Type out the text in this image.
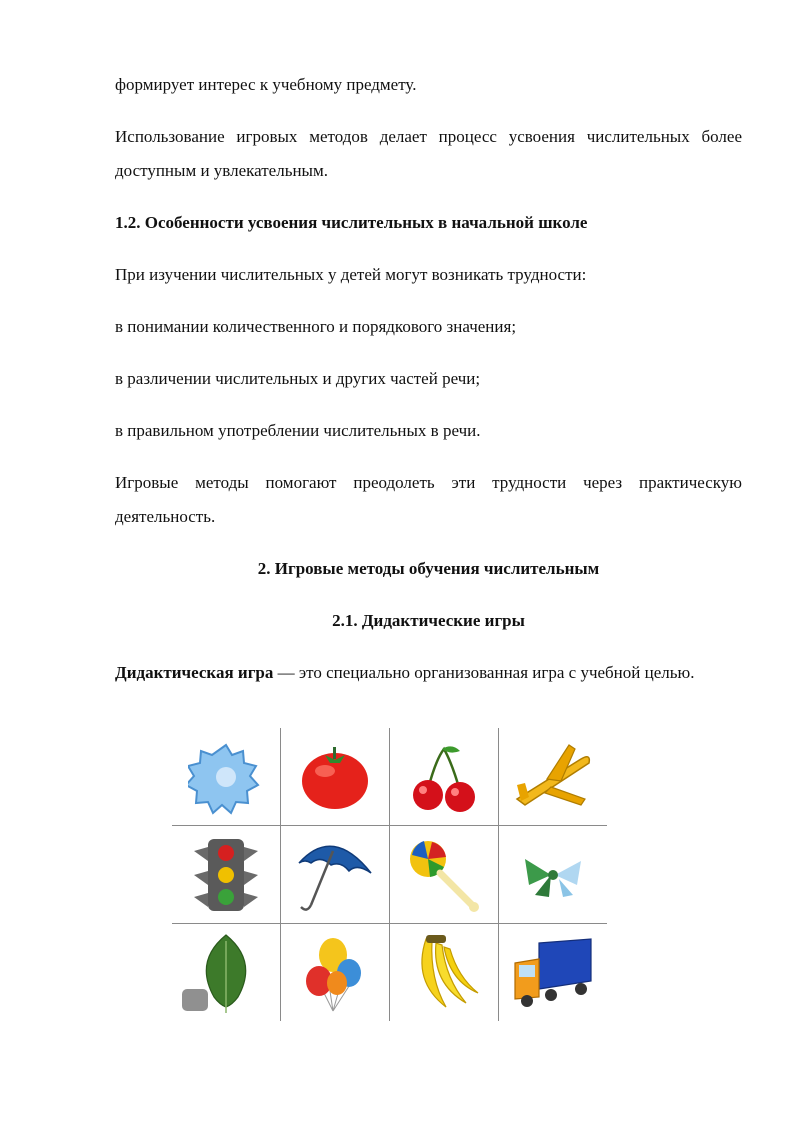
формирует интерес к учебному предмету.

Использование игровых методов делает процесс усвоения числительных более доступным и увлекательным.

1.2. Особенности усвоения числительных в начальной школе

При изучении числительных у детей могут возникать трудности:

в понимании количественного и порядкового значения;

в различении числительных и других частей речи;

в правильном употреблении числительных в речи.

Игровые методы помогают преодолеть эти трудности через практическую деятельность.

2. Игровые методы обучения числительным

2.1. Дидактические игры

Дидактическая игра — это специально организованная игра с учебной целью.
